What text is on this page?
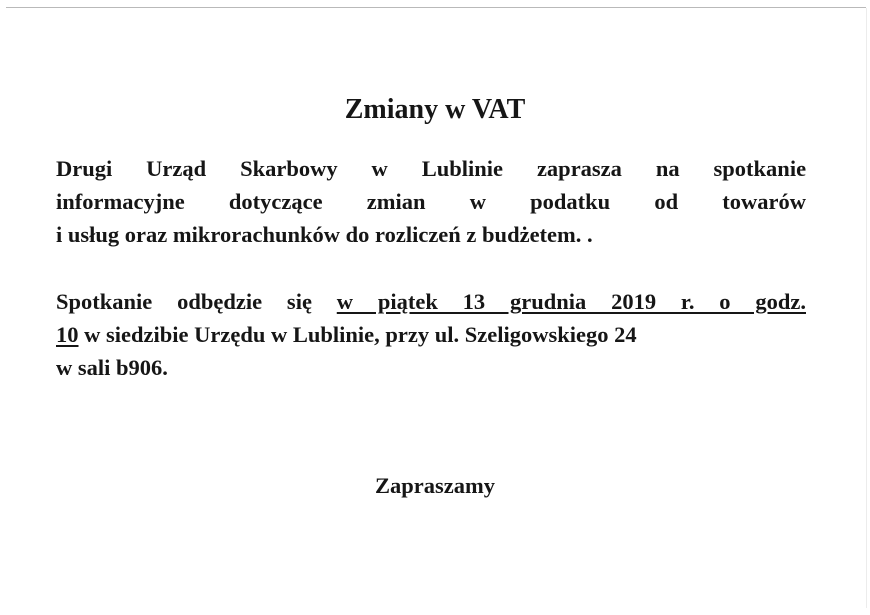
Zmiany w VAT
Drugi Urząd Skarbowy w Lublinie zaprasza na spotkanie
informacyjne dotyczące zmian w podatku od towarów
i usług oraz mikrorachunków do rozliczeń z budżetem. .
Spotkanie odbędzie się w piątek 13 grudnia 2019 r. o godz.
10 w siedzibie Urzędu w Lublinie, przy ul. Szeligowskiego 24
w sali b906.

Zapraszamy
